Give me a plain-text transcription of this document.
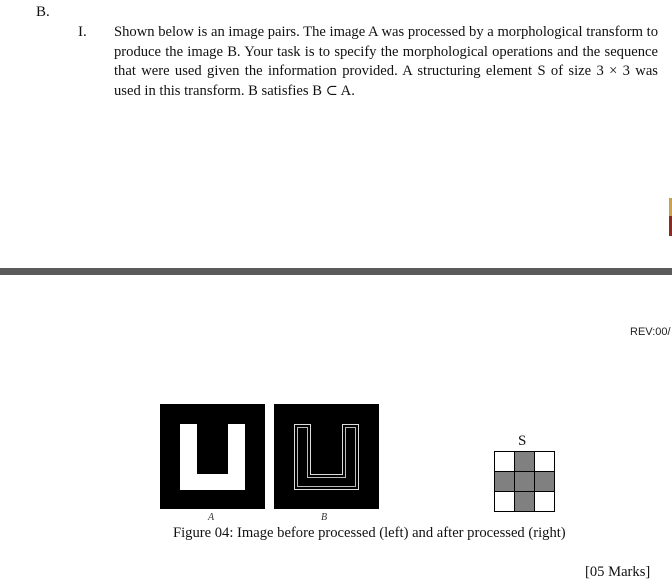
B.
I. Shown below is an image pairs. The image A was processed by a morphological transform to produce the image B. Your task is to specify the morphological operations and the sequence that were used given the information provided. A structuring element S of size 3 × 3 was used in this transform. B satisfies B ⊂ A.
REV:00/
A	B
S
Figure 04: Image before processed (left) and after processed (right)
[05 Marks]
